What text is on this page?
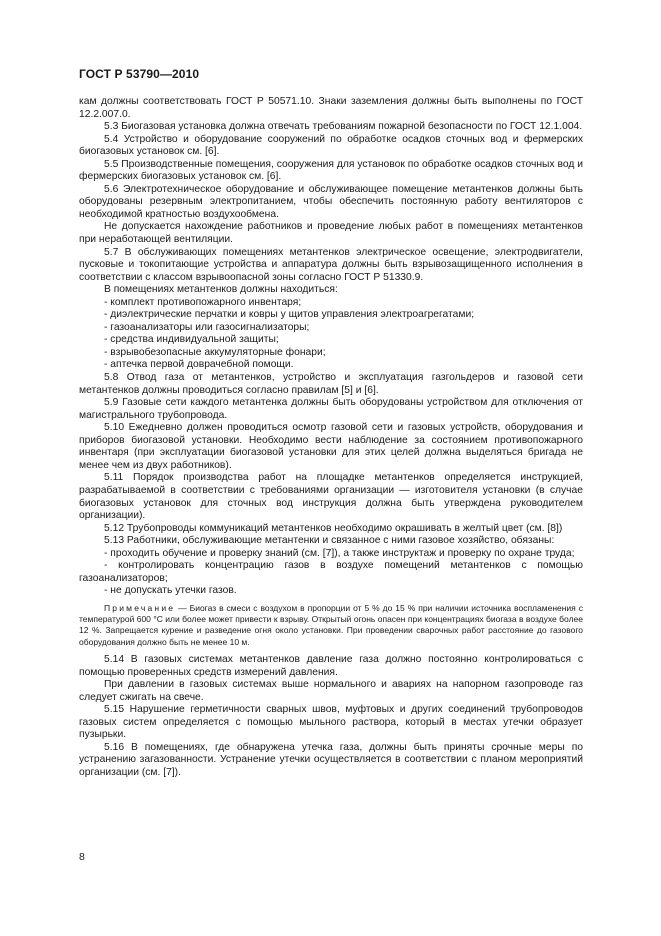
ГОСТ Р 53790—2010

кам должны соответствовать ГОСТ Р 50571.10. Знаки заземления должны быть выполнены по ГОСТ 12.2.007.0.

5.3 Биогазовая установка должна отвечать требованиям пожарной безопасности по ГОСТ 12.1.004.

5.4 Устройство и оборудование сооружений по обработке осадков сточных вод и фермерских биогазовых установок см. [6].

5.5 Производственные помещения, сооружения для установок по обработке осадков сточных вод и фермерских биогазовых установок см. [6].

5.6 Электротехническое оборудование и обслуживающее помещение метантенков должны быть оборудованы резервным электропитанием, чтобы обеспечить постоянную работу вентиляторов с необходимой кратностью воздухообмена.

Не допускается нахождение работников и проведение любых работ в помещениях метантенков при неработающей вентиляции.

5.7 В обслуживающих помещениях метантенков электрическое освещение, электродвигатели, пусковые и токопитающие устройства и аппаратура должны быть взрывозащищенного исполнения в соответствии с классом взрывоопасной зоны согласно ГОСТ Р 51330.9.

В помещениях метантенков должны находиться:

- комплект противопожарного инвентаря;

- диэлектрические перчатки и ковры у щитов управления электроагрегатами;

- газоанализаторы или газосигнализаторы;

- средства индивидуальной защиты;

- взрывобезопасные аккумуляторные фонари;

- аптечка первой доврачебной помощи.

5.8 Отвод газа от метантенков, устройство и эксплуатация газгольдеров и газовой сети метантенков должны проводиться согласно правилам [5] и [6].

5.9 Газовые сети каждого метантенка должны быть оборудованы устройством для отключения от магистрального трубопровода.

5.10 Ежедневно должен проводиться осмотр газовой сети и газовых устройств, оборудования и приборов биогазовой установки. Необходимо вести наблюдение за состоянием противопожарного инвентаря (при эксплуатации биогазовой установки для этих целей должна выделяться бригада не менее чем из двух работников).

5.11 Порядок производства работ на площадке метантенков определяется инструкцией, разрабатываемой в соответствии с требованиями организации — изготовителя установки (в случае биогазовых установок для сточных вод инструкция должна быть утверждена руководителем организации).

5.12 Трубопроводы коммуникаций метантенков необходимо окрашивать в желтый цвет (см. [8])

5.13 Работники, обслуживающие метантенки и связанное с ними газовое хозяйство, обязаны:

- проходить обучение и проверку знаний (см. [7]), а также инструктаж и проверку по охране труда;

- контролировать концентрацию газов в воздухе помещений метантенков с помощью газоанализаторов;

- не допускать утечки газов.

Примечание — Биогаз в смеси с воздухом в пропорции от 5 % до 15 % при наличии источника воспламенения с температурой 600 °С или более может привести к взрыву. Открытый огонь опасен при концентрациях биогаза в воздухе более 12 %. Запрещается курение и разведение огня около установки. При проведении сварочных работ расстояние до газового оборудования должно быть не менее 10 м.

5.14 В газовых системах метантенков давление газа должно постоянно контролироваться с помощью проверенных средств измерений давления.

При давлении в газовых системах выше нормального и авариях на напорном газопроводе газ следует сжигать на свече.

5.15 Нарушение герметичности сварных швов, муфтовых и других соединений трубопроводов газовых систем определяется с помощью мыльного раствора, который в местах утечки образует пузырьки.

5.16 В помещениях, где обнаружена утечка газа, должны быть приняты срочные меры по устранению загазованности. Устранение утечки осуществляется в соответствии с планом мероприятий организации (см. [7]).

8
